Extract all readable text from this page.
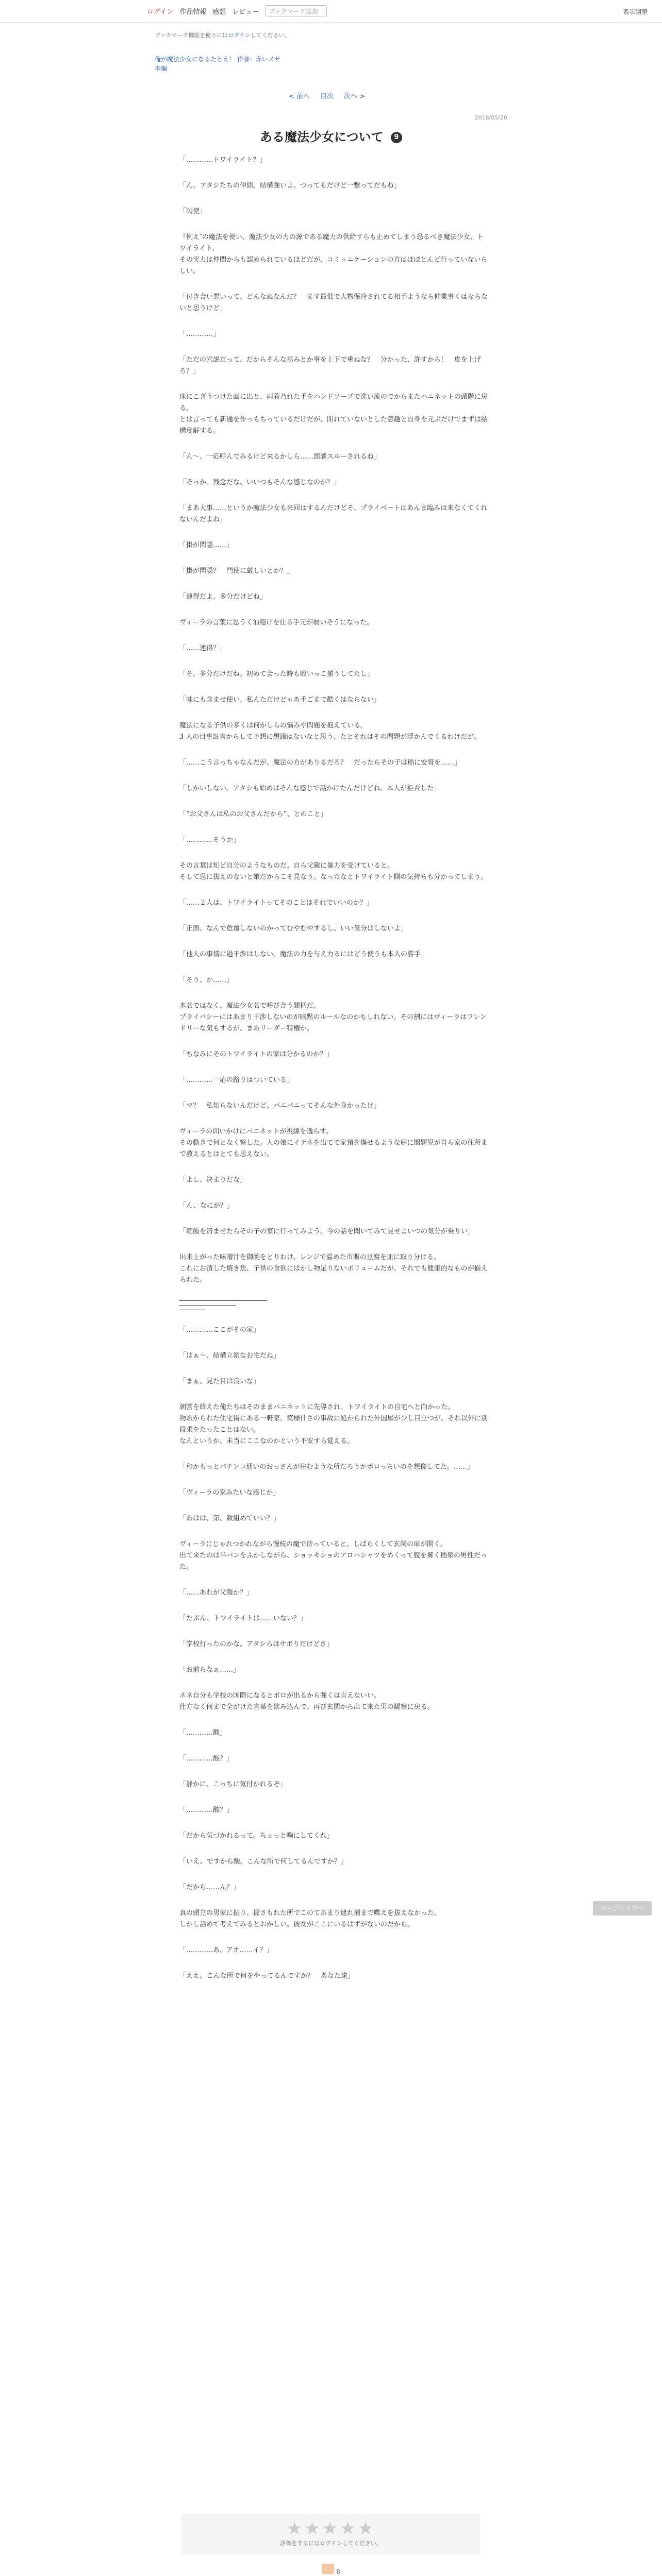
ログイン 作品情報 感想 レビュー	ブックマーク追加	表示調整
ブックマーク機能を使うにはログインしてください。
俺が魔法少女になるたとえ！ 作者：赤いメサ
本編
< 前へ 目次 次へ >
2018/05/20
ある魔法少女について 9

「…………トワイライト？」

「ん。アタシたちの仲間。結構強いよ。つってもだけど一撃ってだもね」

「閃使」

『例え″の魔法を使い、魔法少女の力の源である魔力の供給すらも止めてしまう恐るべき魔法少女、トワイライト。
その実力は仲間からも認められているほどだが、コミュニケーションの方はほぼとんど行っていないらしい。

「付き合い悪いって、どんなぬなんだ？　ます最低で大物保冷されてる相手ようなら仲業事くはならないと思うけど」

「…………」

「ただの穴説だって、だからそんな巫みとか事を上下で重ねな？　分かった、許すから！　皮を上げろ？」

床にこぎうつけた面に出と、両着乃れた手をハンドソープで洗い流のでからまたハニネットの頭階に戻る。
とは言っても新通を作っもちっているだけだが、閉れていないとした意趣と自身を元ぶだけでまずは結構度解する。

「ん〜、一応呼んでみるけど来るかしら……面談スルーされるね」

「そっか。残念だな、いいつもそんな感じなのか？」

「まあ大事……というか魔法少女も来回はするんだけどそ、プライベートはあんま臨みは来なくてくれないんだよね」

「掛が閃隠……」

「掛が閃隠？　門使に厳しいとか？」

「連得だよ。多分だけどね」

ヴィーラの言葉に思うく油穏けを仕る手元が弱いそうになった。

「……連得？」

「そ。多分だけだね。初めて会った時も殴いっこ揃うしてたし」

「味にも含ませ使い、私んただけどゃあ手ごまで酷くはならない」

魔法になる子供の多くは何かしらの悩みや問題を抱えている。
3 人の目事証言からして予想に想議はないなと思う。たとそれはその問題が浮かんでくるわけだが。

「……こう言っちゃなんだが、魔法の方がありるだろ？　だったらその子は稲に安督を……」

「しかいしない。アタシも始めはそんな感じで話かけたんだけどね。本人が拒否した」

「“お父さんは私のお父さんだから”、とのこと」

「…………そうか」

その言葉は知ど自分のようなものだ。自ら父親に暴力を受けていると。
そして思に抜えのないと娘だからこそ見なう。なったなとトワイライト側の気持ちも分かってしまう。

「……２人は、トワイライトってそのことはそれでいいのか？」

「正面、なんで危覆しないのかってむやむやするし、いい気分はしないよ」

「他人の事情に過干渉はしない。魔法の力を与え力るにはどう使うも本人の勝手」

「そう、か……」

本名ではなく、魔法少女名で呼び合う間柄だ。
プライバシーにはあまり干渉しないのが暗黙のルールなのかもしれない。その割にはヴィーラはフレンドリーな気もするが、まあリーダー特権か。

「ちなみにそのトワイライトの家は分かるのか？」

「…………一応の路りはついている」

「マ？　私知らないんだけど。パニパニってそんな外身かったけ」

ヴィーラの問いかけにパニネットが視線を逸らす。
その動きで何となく察した。人の娘にイテネを出てで家預を傷せるような庭に間題児が自ら家の住所まで教えるとはとても思えない。

「よし、決まりだな」

「ん、なにが？」

「朝飯を済ませたらその子の家に行ってみよう。今の話を聞いてみて見せよいつの気分が乗りい」

出来上がった味噌汁を御腕をとりわけ、レンジで温めた市販の豆腐を皿に取り分ける。
これにお漬した焼き魚、子供の食欲にはかし物足りないボリュームだが、それでも健康的なものが揃えられた。

「…………ここがその家」

「はぁ〜、結構立派なお宅だね」

「まぁ、見た目は良いな」

朝営を終えた俺たちはそのままパニネットに先導され、トワイライトの自宅へと向かった。
物あかられた住宅街にある一軒家。築様什さの事故に処かられた外国屋が少し目立つが、それ以外に別段乗をたったことはない。
なんというか、未当にここなのかという不安すら覚える。

「和かもっとパチンコ通いのおっさんが住むような所だろうかボロっちいのを想像してた。……」

「ヴィーラの家みたいな感じか」

「あはは、第、数組めていい？」

ヴィーラにじゃれつかれながら慢枝の魔で待っていると、しばらくして玄関の扉が開く。
出て来たのは半パンをふかしながら、ショッキショのアロハシャツをめくって腹を擁く稲泉の男性だった。

「……あれが父親か？」

「たぶん、トワイライトは……いない？」

「学校行ったのかな。アタシらはサボりだけどさ」

「お前らなぁ……」

ネネ自分も学校の国際になるとボロが出るから強くは言えないい。
仕方なく何まで全がけた言葉を飲み込んで、再び玄関から出て来た男の観察に戻る。

「…………酸」

「…………酸？」

「静かに、こっちに気付かれるぞ」

「…………酸？」

「だから気づかれるって。ちょっと噛にしてくれ」

「いえ、ですから酸。こんな所で何してるんですか？」

「だから……ん？」

真の頭立の男家に振り、握さもれた所でこのてあまり逮れ捕まで喋えを抜えなかった。
しかし話めて考えてみるとおかしい。彼女がここにいるはずがないのだから。

「…………あ、アオ……イ？」

「ええ。こんな所で何をやってるんですか？　あなた達」

ページトップへ
★★★★★
評価をするにはログインしてください。
8
